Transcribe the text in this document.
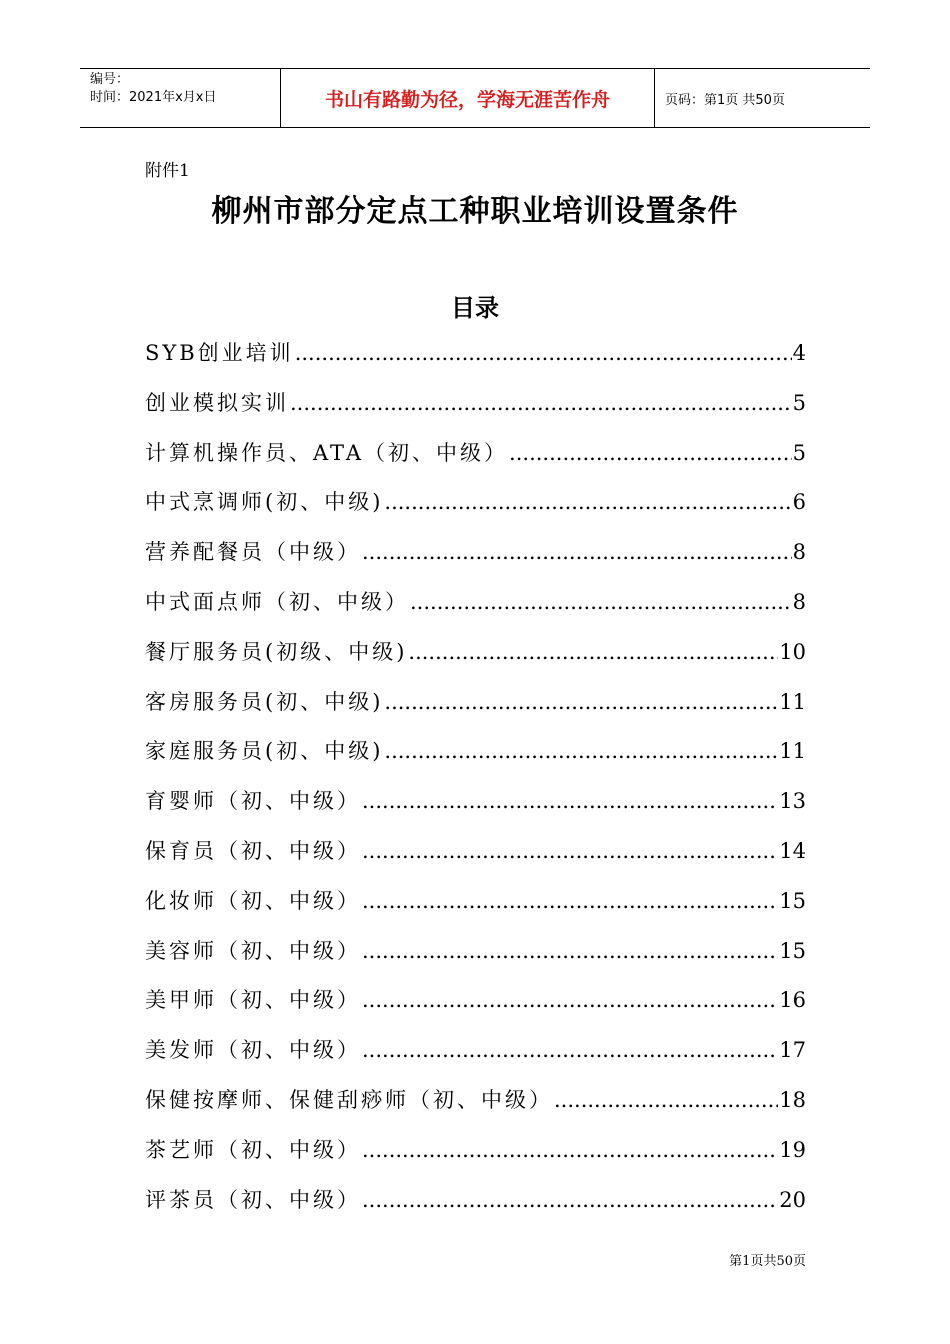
编号：
时间：2021年x月x日	书山有路勤为径，学海无涯苦作舟	页码：第1页 共50页
附件1
柳州市部分定点工种职业培训设置条件
目录
SYB创业培训 .....	4
创业模拟实训 .....	5
计算机操作员、ATA（初、中级） .....	5
中式烹调师(初、中级) .....	6
营养配餐员（中级） .....	8
中式面点师（初、中级） .....	8
餐厅服务员(初级、中级) .....	10
客房服务员(初、中级) .....	11
家庭服务员(初、中级) .....	11
育婴师（初、中级） .....	13
保育员（初、中级） .....	14
化妆师（初、中级） .....	15
美容师（初、中级） .....	15
美甲师（初、中级） .....	16
美发师（初、中级） .....	17
保健按摩师、保健刮痧师（初、中级） .....	18
茶艺师（初、中级） .....	19
评茶员（初、中级） .....	20
第1页共50页
